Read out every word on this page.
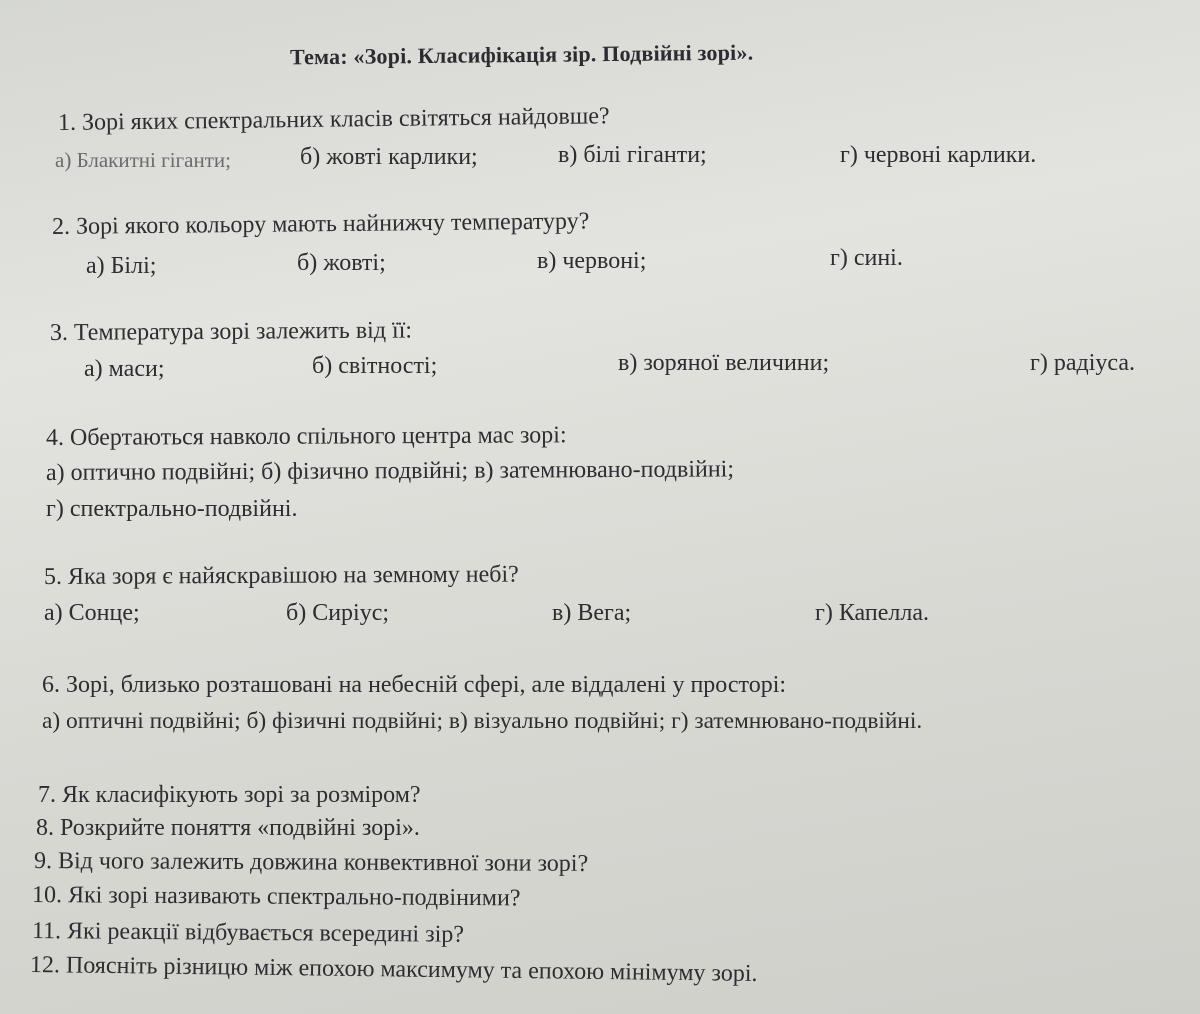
Тема: «Зорі. Класифікація зір. Подвійні зорі».
1. Зорі яких спектральних класів світяться найдовше?
а) Блакитні гіганти;	б) жовті карлики;	в) білі гіганти;	г) червоні карлики.
2. Зорі якого кольору мають найнижчу температуру?
а) Білі;	б) жовті;	в) червоні;	г) сині.
3. Температура зорі залежить від її:
а) маси;	б) світності;	в) зоряної величини;	г) радіуса.
4. Обертаються навколо спільного центра мас зорі:
а) оптично подвійні; б) фізично подвійні; в) затемнювано-подвійні;
г) спектрально-подвійні.
5. Яка зоря є найяскравішою на земному небі?
а) Сонце;	б) Сиріус;	в) Вега;	г) Капелла.
6. Зорі, близько розташовані на небесній сфері, але віддалені у просторі:
а) оптичні подвійні; б) фізичні подвійні; в) візуально подвійні; г) затемнювано-подвійні.
7. Як класифікують зорі за розміром?
8. Розкрийте поняття «подвійні зорі».
9. Від чого залежить довжина конвективної зони зорі?
10. Які зорі називають спектрально-подвіними?
11. Які реакції відбувається всередині зір?
12. Поясніть різницю між епохою максимуму та епохою мінімуму зорі.
